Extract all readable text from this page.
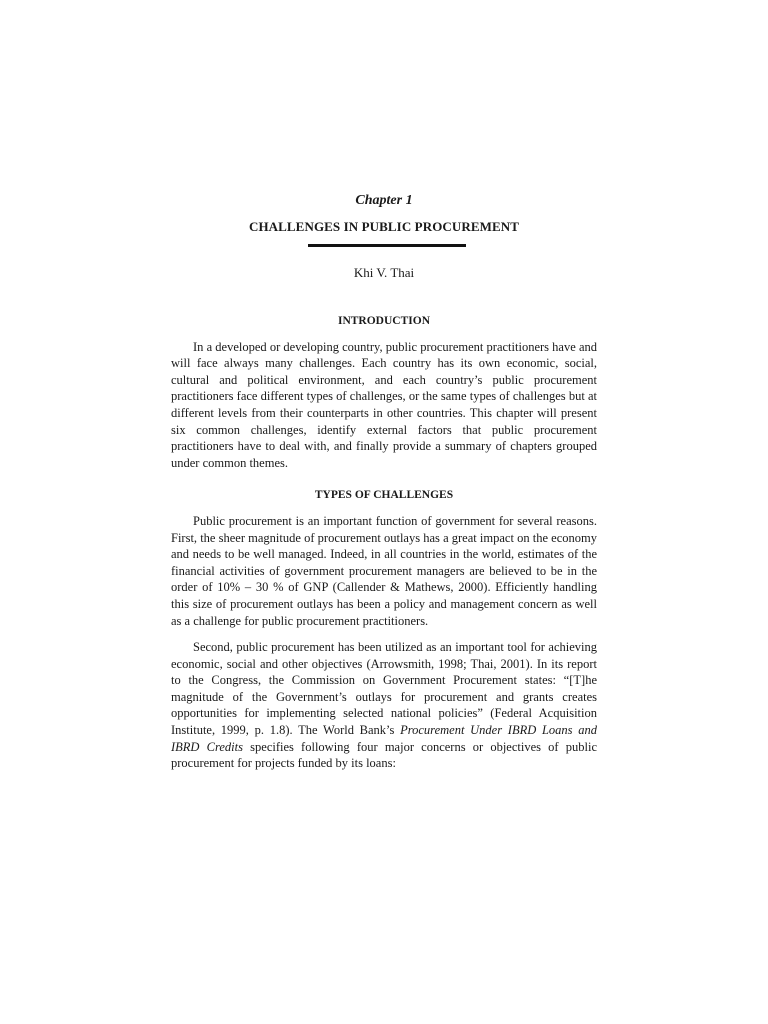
Chapter 1
CHALLENGES IN PUBLIC PROCUREMENT
Khi V. Thai
INTRODUCTION

In a developed or developing country, public procurement practitioners have and will face always many challenges. Each country has its own economic, social, cultural and political environment, and each country’s public procurement practitioners face different types of challenges, or the same types of challenges but at different levels from their counterparts in other countries. This chapter will present six common challenges, identify external factors that public procurement practitioners have to deal with, and finally provide a summary of chapters grouped under common themes.

TYPES OF CHALLENGES

Public procurement is an important function of government for several reasons. First, the sheer magnitude of procurement outlays has a great impact on the economy and needs to be well managed. Indeed, in all countries in the world, estimates of the financial activities of government procurement managers are believed to be in the order of 10% – 30 % of GNP (Callender & Mathews, 2000). Efficiently handling this size of procurement outlays has been a policy and management concern as well as a challenge for public procurement practitioners.

Second, public procurement has been utilized as an important tool for achieving economic, social and other objectives (Arrowsmith, 1998; Thai, 2001). In its report to the Congress, the Commission on Government Procurement states: “[T]he magnitude of the Government’s outlays for procurement and grants creates opportunities for implementing selected national policies” (Federal Acquisition Institute, 1999, p. 1.8). The World Bank’s Procurement Under IBRD Loans and IBRD Credits specifies following four major concerns or objectives of public procurement for projects funded by its loans:
